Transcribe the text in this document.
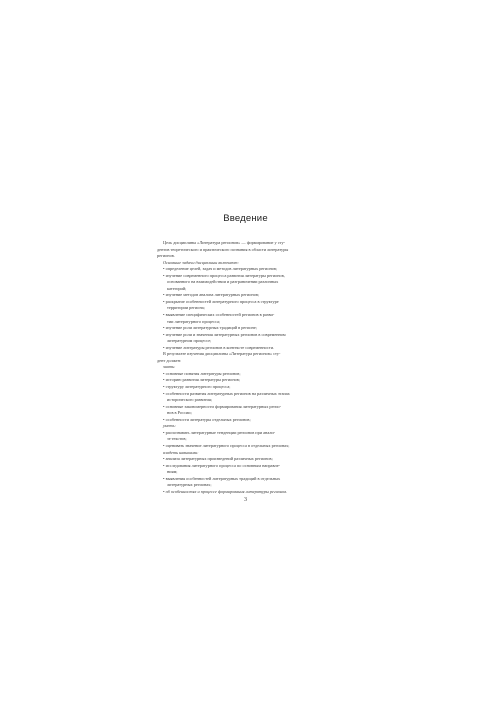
Введение
Цель дисциплины «Литература регионов» — формирование у сту-
дентов теоретического и практического познания в области литературы
регионов.
Основные задачи дисциплины включают:
• определение целей, задач и методов литературных регионов;
• изучение современного процесса развития литературы регионов,
основанного на взаимодействии и разграничении различных
категорий;
• изучение методов анализа литературных регионов;
• раскрытие особенностей литературного процесса в структуре
территории региона;
• выявление специфических особенностей регионов в разви-
тии литературного процесса;
• изучение роли литературных традиций в регионе;
• изучение роли и значения литературных регионов в современном
литературном процессе;
• изучение литературы регионов в контексте современности.
В результате изучения дисциплины «Литература регионов» сту-
дент должен:
знать:
• основные понятия литературы регионов;
• историю развития литературы регионов;
• структуру литературного процесса;
• особенности развития литературных регионов на различных этапах
исторического развития;
• основные закономерности формирования литературных регио-
нов в России;
• особенности литературы отдельных регионов;
уметь:
• распознавать литературные тенденции регионов при анали-
зе текстов;
• оценивать значение литературного процесса в отдельных регионах;
владеть навыками:
• анализа литературных произведений различных регионов;
• исследования литературного процесса по основным направле-
ниям;
• выявления особенностей литературных традиций в отдельных
литературных регионах;
• об особенностях и процессе формирования литературы регионов.
3
